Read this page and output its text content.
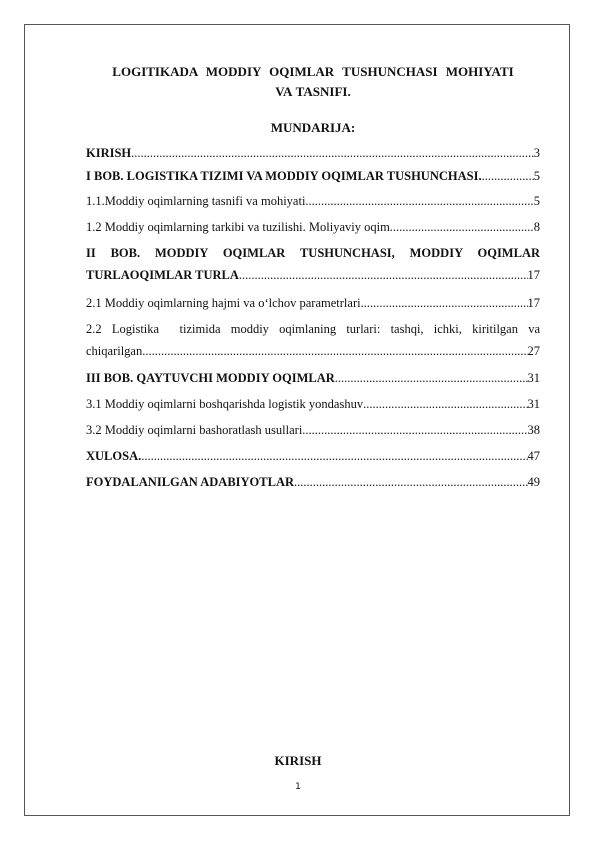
LOGITIKADA MODDIY OQIMLAR TUSHUNCHASI MOHIYATI
VA TASNIFI.
MUNDARIJA:
KIRISH .....	3
I BOB. LOGISTIKA TIZIMI VA MODDIY OQIMLAR TUSHUNCHASI. .....	5
1.1.Moddiy oqimlarning tasnifi va mohiyati .....	5
1.2 Moddiy oqimlarning tarkibi va tuzilishi. Moliyaviy oqim .....	8
II  BOB.  MODDIY  OQIMLAR  TUSHUNCHASI,  MODDIY  OQIMLAR
TURLAOQIMLAR TURLA .....	17
2.1 Moddiy oqimlarning hajmi va o‘lchov parametrlari .....	17
2.2 Logistika  tizimida moddiy oqimlaning turlari: tashqi, ichki, kiritilgan va
chiqarilgan .....	27
III BOB. QAYTUVCHI MODDIY OQIMLAR .....	31
3.1 Moddiy oqimlarni boshqarishda logistik yondashuv .....	31
3.2 Moddiy oqimlarni bashoratlash usullari .....	38
XULOSA. .....	47
FOYDALANILGAN ADABIYOTLAR .....	49
KIRISH
1
